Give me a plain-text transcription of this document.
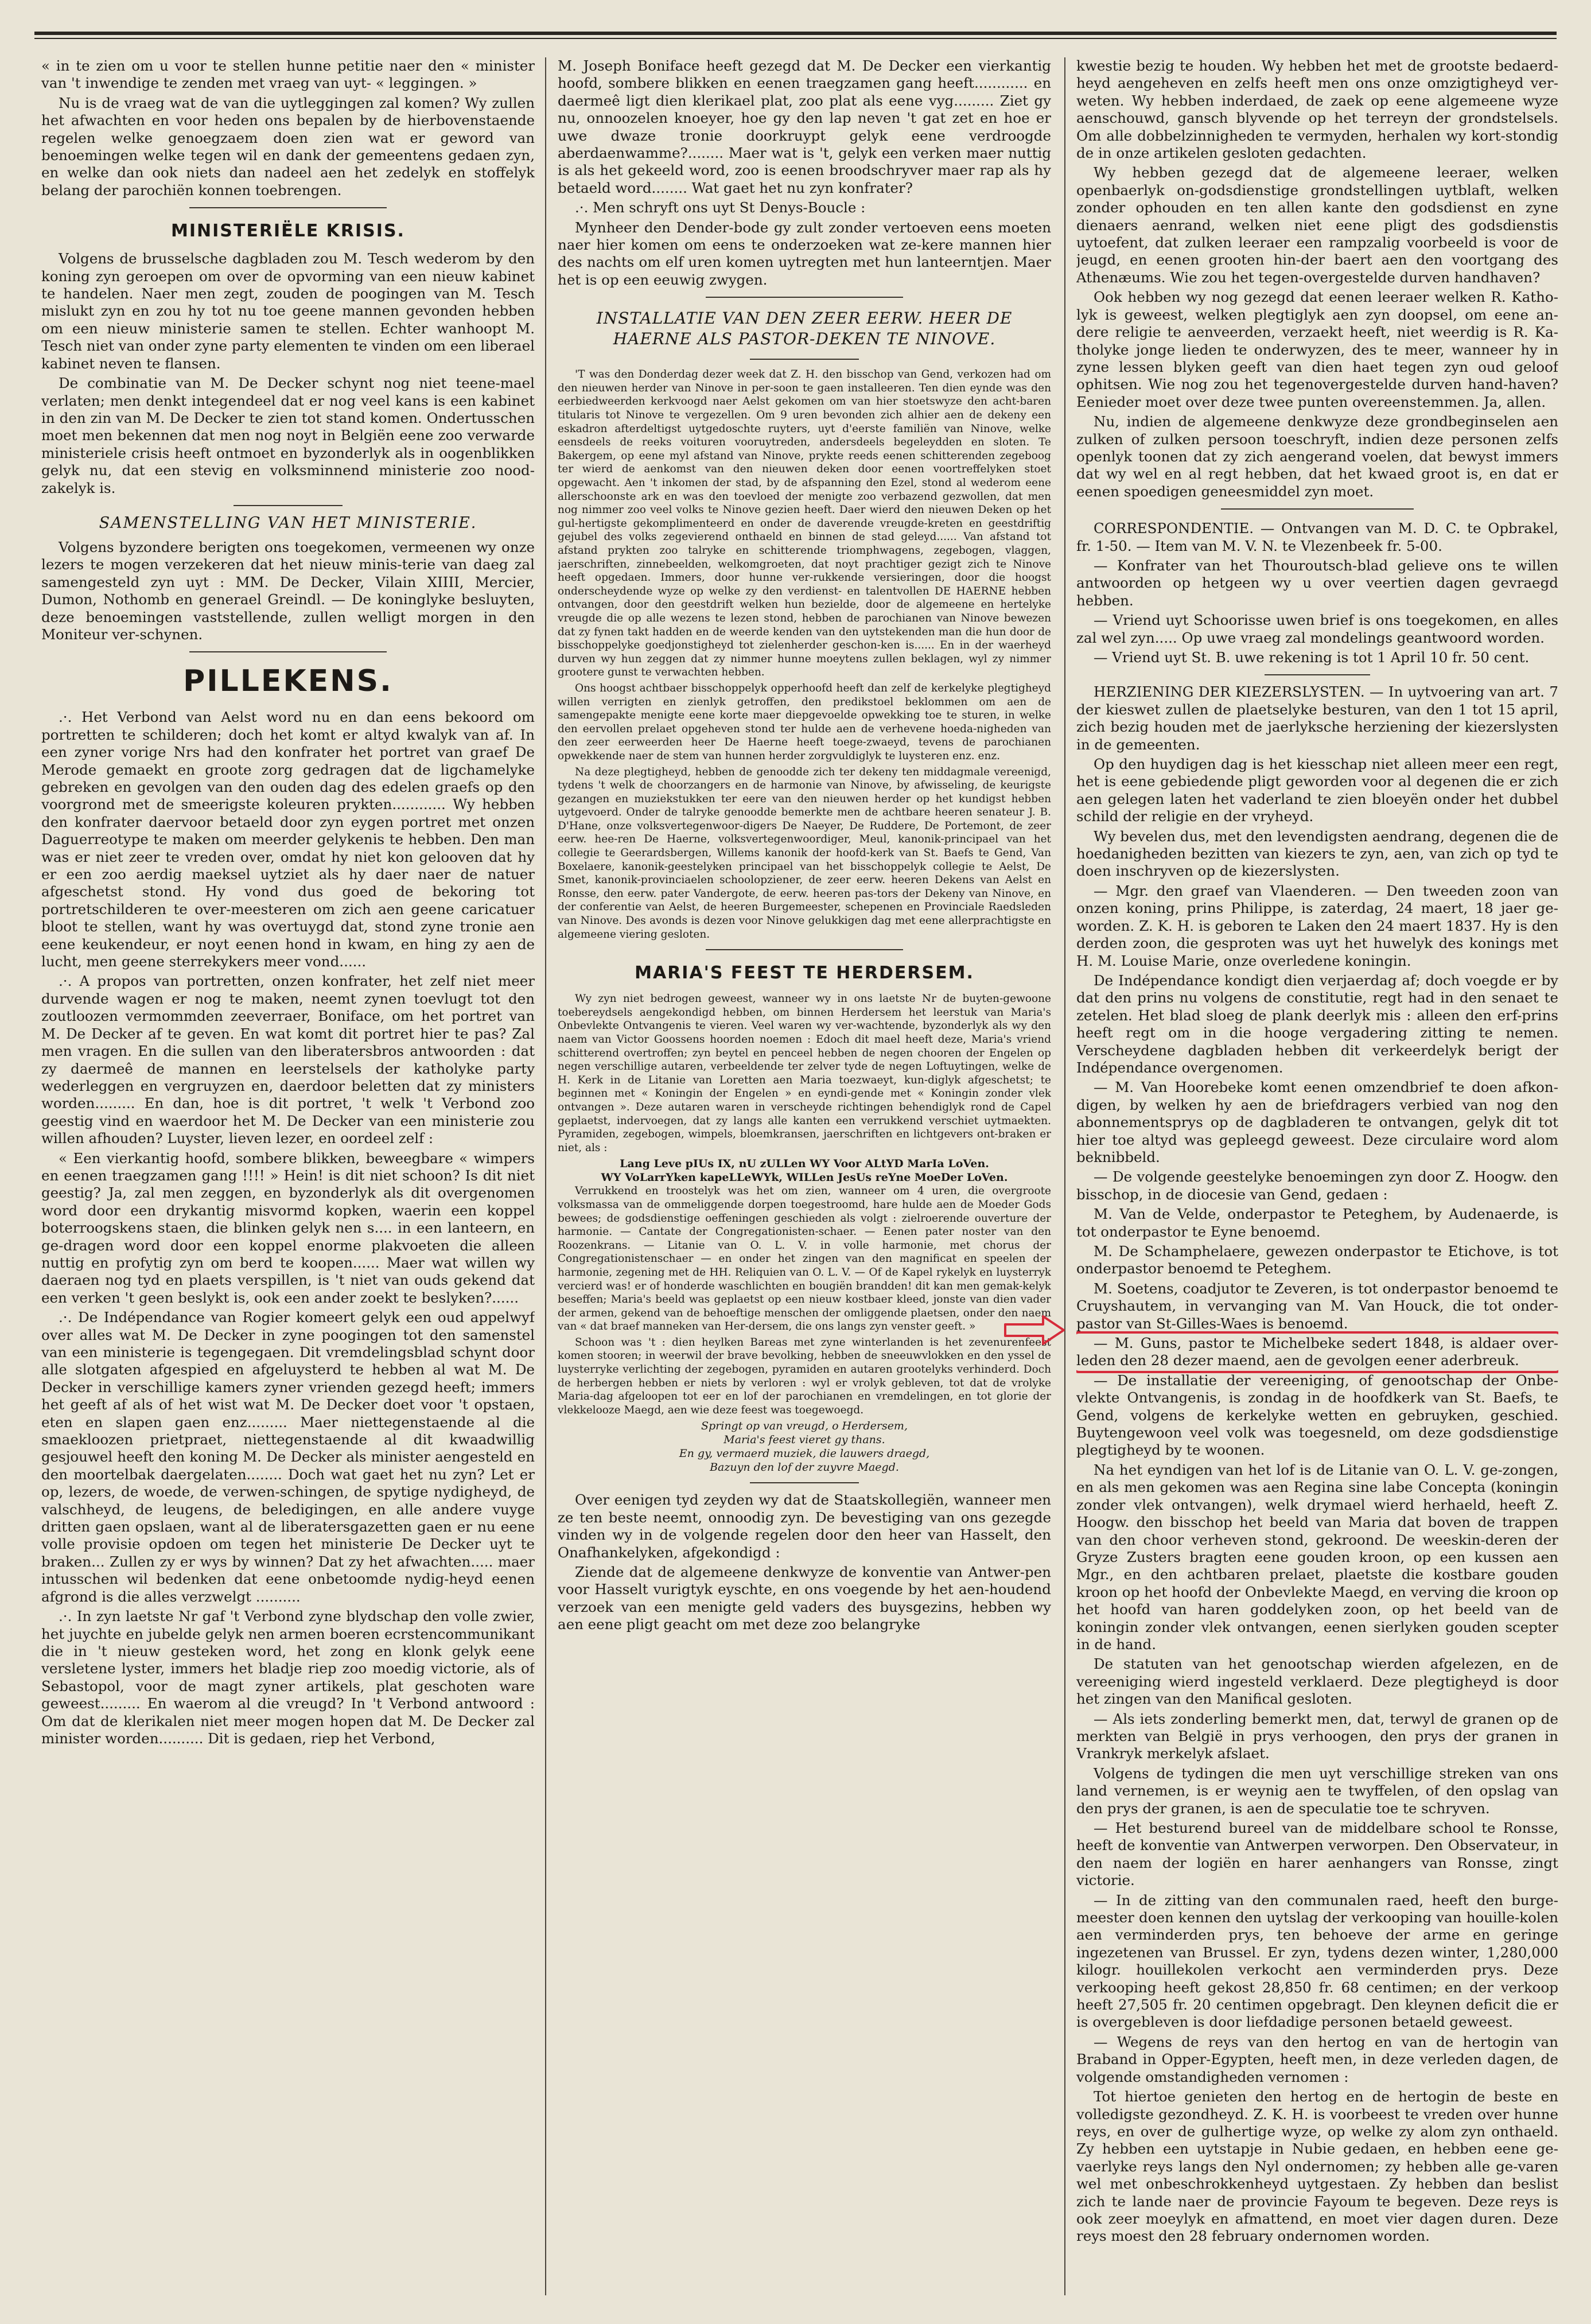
« in te zien om u voor te stellen hunne petitie naer den « minister van 't inwendige te zenden met vraeg van uyt- « leggingen. »

Nu is de vraeg wat de van die uytleggingen zal komen? Wy zullen het afwachten en voor heden ons bepalen by de hierbovenstaende regelen welke genoegzaem doen zien wat er geword van benoemingen welke tegen wil en dank der gemeentens gedaen zyn, en welke dan ook niets dan nadeel aen het zedelyk en stoffelyk belang der parochiën konnen toebrengen.

MINISTERIËLE KRISIS.

Volgens de brusselsche dagbladen zou M. Tesch wederom by den koning zyn geroepen om over de opvorming van een nieuw kabinet te handelen. Naer men zegt, zouden de poogingen van M. Tesch mislukt zyn en zou hy tot nu toe geene mannen gevonden hebben om een nieuw ministerie samen te stellen. Echter wanhoopt M. Tesch niet van onder zyne party elementen te vinden om een liberael kabinet neven te flansen.

De combinatie van M. De Decker schynt nog niet teene-mael verlaten; men denkt integendeel dat er nog veel kans is een kabinet in den zin van M. De Decker te zien tot stand komen. Ondertusschen moet men bekennen dat men nog noyt in Belgiën eene zoo verwarde ministeriele crisis heeft ontmoet en byzonderlyk als in oogenblikken gelyk nu, dat een stevig en volksminnend ministerie zoo nood-zakelyk is.

SAMENSTELLING VAN HET MINISTERIE.

Volgens byzondere berigten ons toegekomen, vermeenen wy onze lezers te mogen verzekeren dat het nieuw minis-terie van daeg zal samengesteld zyn uyt : MM. De Decker, Vilain XIIII, Mercier, Dumon, Nothomb en generael Greindl. — De koninglyke besluyten, deze benoemingen vaststellende, zullen welligt morgen in den Moniteur ver-schynen.

PILLEKENS.

.·. Het Verbond van Aelst word nu en dan eens bekoord om portretten te schilderen; doch het komt er altyd kwalyk van af. In een zyner vorige Nrs had den konfrater het portret van graef De Merode gemaekt en groote zorg gedragen dat de ligchamelyke gebreken en gevolgen van den ouden dag des edelen graefs op den voorgrond met de smeerigste koleuren prykten............ Wy hebben den konfrater daervoor betaeld door zyn eygen portret met onzen Daguerreotype te maken om meerder gelykenis te hebben. Den man was er niet zeer te vreden over, omdat hy niet kon gelooven dat hy er een zoo aerdig maeksel uytziet als hy daer naer de natuer afgeschetst stond. Hy vond dus goed de bekoring tot portretschilderen te over-meesteren om zich aen geene caricatuer bloot te stellen, want hy was overtuygd dat, stond zyne tronie aen eene keukendeur, er noyt eenen hond in kwam, en hing zy aen de lucht, men geene sterrekykers meer vond......

.·. A propos van portretten, onzen konfrater, het zelf niet meer durvende wagen er nog te maken, neemt zynen toevlugt tot den zoutloozen vermommden zeeverraer, Boniface, om het portret van M. De Decker af te geven. En wat komt dit portret hier te pas? Zal men vragen. En die sullen van den liberatersbros antwoorden : dat zy daermeê de mannen en leerstelsels der katholyke party wederleggen en vergruyzen en, daerdoor beletten dat zy ministers worden......... En dan, hoe is dit portret, 't welk 't Verbond zoo geestig vind en waerdoor het M. De Decker van een ministerie zou willen afhouden? Luyster, lieven lezer, en oordeel zelf :

« Een vierkantig hoofd, sombere blikken, beweegbare « wimpers en eenen traegzamen gang !!!! » Hein! is dit niet schoon? Is dit niet geestig? Ja, zal men zeggen, en byzonderlyk als dit overgenomen word door een drykantig misvormd kopken, waerin een koppel boterroogskens staen, die blinken gelyk nen s.... in een lanteern, en ge-dragen word door een koppel enorme plakvoeten die alleen nuttig en profytig zyn om berd te koopen...... Maer wat willen wy daeraen nog tyd en plaets verspillen, is 't niet van ouds gekend dat een verken 't geen beslykt is, ook een ander zoekt te beslyken?......

.·. De Indépendance van Rogier komeert gelyk een oud appelwyf over alles wat M. De Decker in zyne poogingen tot den samenstel van een ministerie is tegengegaen. Dit vremdelingsblad schynt door alle slotgaten afgespied en afgeluysterd te hebben al wat M. De Decker in verschillige kamers zyner vrienden gezegd heeft; immers het geeft af als of het wist wat M. De Decker doet voor 't opstaen, eten en slapen gaen enz......... Maer niettegenstaende al die smaekloozen prietpraet, niettegenstaende al dit kwaadwillig gesjouwel heeft den koning M. De Decker als minister aengesteld en den moortelbak daergelaten........ Doch wat gaet het nu zyn? Let er op, lezers, de woede, de verwen-schingen, de spytige nydigheyd, de valschheyd, de leugens, de beledigingen, en alle andere vuyge dritten gaen opslaen, want al de liberatersgazetten gaen er nu eene volle provisie opdoen om tegen het ministerie De Decker uyt te braken... Zullen zy er wys by winnen? Dat zy het afwachten..... maer intusschen wil bedenken dat eene onbetoomde nydig-heyd eenen afgrond is die alles verzwelgt ..........

.·. In zyn laetste Nr gaf 't Verbond zyne blydschap den volle zwier, het juychte en jubelde gelyk nen armen boeren ecrstencommunikant die in 't nieuw gesteken word, het zong en klonk gelyk eene versletene lyster, immers het bladje riep zoo moedig victorie, als of Sebastopol, voor de magt zyner artikels, plat geschoten ware geweest......... En waerom al die vreugd? In 't Verbond antwoord : Om dat de klerikalen niet meer mogen hopen dat M. De Decker zal minister worden.......... Dit is gedaen, riep het Verbond,

M. Joseph Boniface heeft gezegd dat M. De Decker een vierkantig hoofd, sombere blikken en eenen traegzamen gang heeft............ en daermeê ligt dien klerikael plat, zoo plat als eene vyg......... Ziet gy nu, onnoozelen knoeyer, hoe gy den lap neven 't gat zet en hoe er uwe dwaze tronie doorkruypt gelyk eene verdroogde aberdaenwamme?........ Maer wat is 't, gelyk een verken maer nuttig is als het gekeeld word, zoo is eenen broodschryver maer rap als hy betaeld word........ Wat gaet het nu zyn konfrater?

.·. Men schryft ons uyt St Denys-Boucle :

Mynheer den Dender-bode gy zult zonder vertoeven eens moeten naer hier komen om eens te onderzoeken wat ze-kere mannen hier des nachts om elf uren komen uytregten met hun lanteerntjen. Maer het is op een eeuwig zwygen.

INSTALLATIE VAN DEN ZEER EERW. HEER DE HAERNE ALS PASTOR-DEKEN TE NINOVE.

'T was den Donderdag dezer week dat Z. H. den bisschop van Gend, verkozen had om den nieuwen herder van Ninove in per-soon te gaen installeeren. Ten dien eynde was den eerbiedweerden kerkvoogd naer Aelst gekomen om van hier stoetswyze den acht-baren titularis tot Ninove te vergezellen. Om 9 uren bevonden zich alhier aen de dekeny een eskadron afterdeltigst uytgedoschte ruyters, uyt d'eerste familiën van Ninove, welke eensdeels de reeks voituren vooruytreden, andersdeels begeleydden en sloten. Te Bakergem, op eene myl afstand van Ninove, prykte reeds eenen schitterenden zegeboog ter wierd de aenkomst van den nieuwen deken door eenen voortreffelyken stoet opgewacht. Aen 't inkomen der stad, by de afspanning den Ezel, stond al wederom eene allerschoonste ark en was den toevloed der menigte zoo verbazend gezwollen, dat men nog nimmer zoo veel volks te Ninove gezien heeft. Daer wierd den nieuwen Deken op het gul-hertigste gekomplimenteerd en onder de daverende vreugde-kreten en geestdriftig gejubel des volks zegevierend onthaeld en binnen de stad geleyd...... Van afstand tot afstand prykten zoo talryke en schitterende triomphwagens, zegebogen, vlaggen, jaerschriften, zinnebeelden, welkomgroeten, dat noyt prachtiger gezigt zich te Ninove heeft opgedaen. Immers, door hunne ver-rukkende versieringen, door die hoogst onderscheydende wyze op welke zy den verdienst- en talentvollen DE HAERNE hebben ontvangen, door den geestdrift welken hun bezielde, door de algemeene en hertelyke vreugde die op alle wezens te lezen stond, hebben de parochianen van Ninove bewezen dat zy fynen takt hadden en de weerde kenden van den uytstekenden man die hun door de bisschoppelyke goedjonstigheyd tot zielenherder geschon-ken is...... En in der waerheyd durven wy hun zeggen dat zy nimmer hunne moeytens zullen beklagen, wyl zy nimmer grootere gunst te verwachten hebben.

Ons hoogst achtbaer bisschoppelyk opperhoofd heeft dan zelf de kerkelyke plegtigheyd willen verrigten en zienlyk getroffen, den predikstoel beklommen om aen de samengepakte menigte eene korte maer diepgevoelde opwekking toe te sturen, in welke den eervollen prelaet opgeheven stond ter hulde aen de verhevene hoeda-nigheden van den zeer eerweerden heer De Haerne heeft toege-zwaeyd, tevens de parochianen opwekkende naer de stem van hunnen herder zorgvuldiglyk te luysteren enz. enz.

Na deze plegtigheyd, hebben de genoodde zich ter dekeny ten middagmale vereenigd, tydens 't welk de choorzangers en de harmonie van Ninove, by afwisseling, de keurigste gezangen en muziekstukken ter eere van den nieuwen herder op het kundigst hebben uytgevoerd. Onder de talryke genoodde bemerkte men de achtbare heeren senateur J. B. D'Hane, onze volksvertegenwoor-digers De Naeyer, De Ruddere, De Portemont, de zeer eerw. hee-ren De Haerne, volksvertegenwoordiger, Meul, kanonik-principael van het collegie te Geerardsbergen, Willems kanonik der hoofd-kerk van St. Baefs te Gend, Van Boxelaere, kanonik-geestelyken principael van het bisschoppelyk collegie te Aelst, De Smet, kanonik-provinciaelen schoolopziener, de zeer eerw. heeren Dekens van Aelst en Ronsse, den eerw. pater Vandergote, de eerw. heeren pas-tors der Dekeny van Ninove, en der conferentie van Aelst, de heeren Burgemeester, schepenen en Provinciale Raedsleden van Ninove. Des avonds is dezen voor Ninove gelukkigen dag met eene allerprachtigste en algemeene viering gesloten.

MARIA'S FEEST TE HERDERSEM.

Wy zyn niet bedrogen geweest, wanneer wy in ons laetste Nr de buyten-gewoone toebereydsels aengekondigd hebben, om binnen Herdersem het leerstuk van Maria's Onbevlekte Ontvangenis te vieren. Veel waren wy ver-wachtende, byzonderlyk als wy den naem van Victor Goossens hoorden noemen : Edoch dit mael heeft deze, Maria's vriend schitterend overtroffen; zyn beytel en penceel hebben de negen chooren der Engelen op negen verschillige autaren, verbeeldende ter zelver tyde de negen Loftuytingen, welke de H. Kerk in de Litanie van Loretten aen Maria toezwaeyt, kun-diglyk afgeschetst; te beginnen met « Koningin der Engelen » en eyndi-gende met « Koningin zonder vlek ontvangen ». Deze autaren waren in verscheyde richtingen behendiglyk rond de Capel geplaetst, indervoegen, dat zy langs alle kanten een verrukkend verschiet uytmaekten. Pyramiden, zegebogen, wimpels, bloemkransen, jaerschriften en lichtgevers ont-braken er niet, als :

Lang Leve pIUs IX, nU zULLen WY Voor ALtYD MarIa LoVen.

WY VoLarrYken kapeLLeWYk, WILLen JesUs reYne MoeDer LoVen.

Verrukkend en troostelyk was het om zien, wanneer om 4 uren, die overgroote volksmassa van de ommeliggende dorpen toegestroomd, hare hulde aen de Moeder Gods bewees; de godsdienstige oeffeningen geschieden als volgt : zielroerende ouverture der harmonie. — Cantate der Congregationisten-schaer. — Eenen pater noster van den Roozenkrans. — Litanie van O. L. V. in volle harmonie, met chorus der Congregationistenschaer — en onder het zingen van den magnificat en speelen der harmonie, zegening met de HH. Reliquien van O. L. V. — Of de Kapel rykelyk en luysterryk vercierd was! er of honderde waschlichten en bougiën brandden! dit kan men gemak-kelyk beseffen; Maria's beeld was geplaetst op een nieuw kostbaer kleed, jonste van dien vader der armen, gekend van de behoeftige menschen der omliggende plaetsen, onder den naem van « dat braef manneken van Her-dersem, die ons langs zyn venster geeft. »

Schoon was 't : dien heylken Bareas met zyne winterlanden is het zevenurenfeest komen stooren; in weerwil der brave bevolking, hebben de sneeuwvlokken en den yssel de luysterryke verlichting der zegebogen, pyramiden en autaren grootelyks verhinderd. Doch de herbergen hebben er niets by verloren : wyl er vrolyk gebleven, tot dat de vrolyke Maria-dag afgeloopen tot eer en lof der parochianen en vremdelingen, en tot glorie der vlekkelooze Maegd, aen wie deze feest was toegewoegd.

Springt op van vreugd, o Herdersem,

Maria's feest vieret gy thans.

En gy, vermaerd muziek, die lauwers draegd,

Bazuyn den lof der zuyvre Maegd.

Over eenigen tyd zeyden wy dat de Staatskollegiën, wanneer men ze ten beste neemt, onnoodig zyn. De bevestiging van ons gezegde vinden wy in de volgende regelen door den heer van Hasselt, den Onafhankelyken, afgekondigd :

Ziende dat de algemeene denkwyze de konventie van Antwer-pen voor Hasselt vurigtyk eyschte, en ons voegende by het aen-houdend verzoek van een menigte geld vaders des buysgezins, hebben wy aen eene pligt geacht om met deze zoo belangryke

kwestie bezig te houden. Wy hebben het met de grootste bedaerd-heyd aengeheven en zelfs heeft men ons onze omzigtigheyd ver-weten. Wy hebben inderdaed, de zaek op eene algemeene wyze aenschouwd, gansch blyvende op het terreyn der grondstelsels. Om alle dobbelzinnigheden te vermyden, herhalen wy kort-stondig de in onze artikelen gesloten gedachten.

Wy hebben gezegd dat de algemeene leeraer, welken openbaerlyk on-godsdienstige grondstellingen uytblaft, welken zonder ophouden en ten allen kante den godsdienst en zyne dienaers aenrand, welken niet eene pligt des godsdienstis uytoefent, dat zulken leeraer een rampzalig voorbeeld is voor de jeugd, en eenen grooten hin-der baert aen den voortgang des Athenæums. Wie zou het tegen-overgestelde durven handhaven?

Ook hebben wy nog gezegd dat eenen leeraer welken R. Katho-lyk is geweest, welken plegtiglyk aen zyn doopsel, om eene an-dere religie te aenveerden, verzaekt heeft, niet weerdig is R. Ka-tholyke jonge lieden te onderwyzen, des te meer, wanneer hy in zyne lessen blyken geeft van dien haet tegen zyn oud geloof ophitsen. Wie nog zou het tegenovergestelde durven hand-haven? Eenieder moet over deze twee punten overeenstemmen. Ja, allen.

Nu, indien de algemeene denkwyze deze grondbeginselen aen zulken of zulken persoon toeschryft, indien deze personen zelfs openlyk toonen dat zy zich aengerand voelen, dat bewyst immers dat wy wel en al regt hebben, dat het kwaed groot is, en dat er eenen spoedigen geneesmiddel zyn moet.

CORRESPONDENTIE. — Ontvangen van M. D. C. te Opbrakel, fr. 1-50. — Item van M. V. N. te Vlezenbeek fr. 5-00.

— Konfrater van het Thouroutsch-blad gelieve ons te willen antwoorden op hetgeen wy u over veertien dagen gevraegd hebben.

— Vriend uyt Schoorisse uwen brief is ons toegekomen, en alles zal wel zyn..... Op uwe vraeg zal mondelings geantwoord worden.

— Vriend uyt St. B. uwe rekening is tot 1 April 10 fr. 50 cent.

HERZIENING DER KIEZERSLYSTEN. — In uytvoering van art. 7 der kieswet zullen de plaetselyke besturen, van den 1 tot 15 april, zich bezig houden met de jaerlyksche herziening der kiezerslysten in de gemeenten.

Op den huydigen dag is het kiesschap niet alleen meer een regt, het is eene gebiedende pligt geworden voor al degenen die er zich aen gelegen laten het vaderland te zien bloeyën onder het dubbel schild der religie en der vryheyd.

Wy bevelen dus, met den levendigsten aendrang, degenen die de hoedanigheden bezitten van kiezers te zyn, aen, van zich op tyd te doen inschryven op de kiezerslysten.

— Mgr. den graef van Vlaenderen. — Den tweeden zoon van onzen koning, prins Philippe, is zaterdag, 24 maert, 18 jaer ge-worden. Z. K. H. is geboren te Laken den 24 maert 1837. Hy is den derden zoon, die gesproten was uyt het huwelyk des konings met H. M. Louise Marie, onze overledene koningin.

De Indépendance kondigt dien verjaerdag af; doch voegde er by dat den prins nu volgens de constitutie, regt had in den senaet te zetelen. Het blad sloeg de plank deerlyk mis : alleen den erf-prins heeft regt om in die hooge vergadering zitting te nemen. Verscheydene dagbladen hebben dit verkeerdelyk berigt der Indépendance overgenomen.

— M. Van Hoorebeke komt eenen omzendbrief te doen afkon-digen, by welken hy aen de briefdragers verbied van nog den abonnementsprys op de dagbladeren te ontvangen, gelyk dit tot hier toe altyd was gepleegd geweest. Deze circulaire word alom beknibbeld.

— De volgende geestelyke benoemingen zyn door Z. Hoogw. den bisschop, in de diocesie van Gend, gedaen :

M. Van de Velde, onderpastor te Peteghem, by Audenaerde, is tot onderpastor te Eyne benoemd.

M. De Schamphelaere, gewezen onderpastor te Etichove, is tot onderpastor benoemd te Peteghem.

M. Soetens, coadjutor te Zeveren, is tot onderpastor benoemd te Cruyshautem, in vervanging van M. Van Houck, die tot onder-pastor van St-Gilles-Waes is benoemd.

— M. Guns, pastor te Michelbeke sedert 1848, is aldaer over-leden den 28 dezer maend, aen de gevolgen eener aderbreuk.

— De installatie der vereeniging, of genootschap der Onbe-vlekte Ontvangenis, is zondag in de hoofdkerk van St. Baefs, te Gend, volgens de kerkelyke wetten en gebruyken, geschied. Buytengewoon veel volk was toegesneld, om deze godsdienstige plegtigheyd by te woonen.

Na het eyndigen van het lof is de Litanie van O. L. V. ge-zongen, en als men gekomen was aen Regina sine labe Concepta (koningin zonder vlek ontvangen), welk drymael wierd herhaeld, heeft Z. Hoogw. den bisschop het beeld van Maria dat boven de trappen van den choor verheven stond, gekroond. De weeskin-deren der Gryze Zusters bragten eene gouden kroon, op een kussen aen Mgr., en den achtbaren prelaet, plaetste die kostbare gouden kroon op het hoofd der Onbevlekte Maegd, en verving die kroon op het hoofd van haren goddelyken zoon, op het beeld van de koningin zonder vlek ontvangen, eenen sierlyken gouden scepter in de hand.

De statuten van het genootschap wierden afgelezen, en de vereeniging wierd ingesteld verklaerd. Deze plegtigheyd is door het zingen van den Manifical gesloten.

— Als iets zonderling bemerkt men, dat, terwyl de granen op de merkten van België in prys verhoogen, den prys der granen in Vrankryk merkelyk afslaet.

Volgens de tydingen die men uyt verschillige streken van ons land vernemen, is er weynig aen te twyffelen, of den opslag van den prys der granen, is aen de speculatie toe te schryven.

— Het besturend bureel van de middelbare school te Ronsse, heeft de konventie van Antwerpen verworpen. Den Observateur, in den naem der logiën en harer aenhangers van Ronsse, zingt victorie.

— In de zitting van den communalen raed, heeft den burge-meester doen kennen den uytslag der verkooping van houille-kolen aen verminderden prys, ten behoeve der arme en geringe ingezetenen van Brussel. Er zyn, tydens dezen winter, 1,280,000 kilogr. houillekolen verkocht aen verminderden prys. Deze verkooping heeft gekost 28,850 fr. 68 centimen; en der verkoop heeft 27,505 fr. 20 centimen opgebragt. Den kleynen deficit die er is overgebleven is door liefdadige personen betaeld geweest.

— Wegens de reys van den hertog en van de hertogin van Braband in Opper-Egypten, heeft men, in deze verleden dagen, de volgende omstandigheden vernomen :

Tot hiertoe genieten den hertog en de hertogin de beste en volledigste gezondheyd. Z. K. H. is voorbeest te vreden over hunne reys, en over de gulhertige wyze, op welke zy alom zyn onthaeld. Zy hebben een uytstapje in Nubie gedaen, en hebben eene ge-vaerlyke reys langs den Nyl ondernomen; zy hebben alle ge-varen wel met onbeschrokkenheyd uytgestaen. Zy hebben dan beslist zich te lande naer de provincie Fayoum te begeven. Deze reys is ook zeer moeylyk en afmattend, en moet vier dagen duren. Deze reys moest den 28 february ondernomen worden.
